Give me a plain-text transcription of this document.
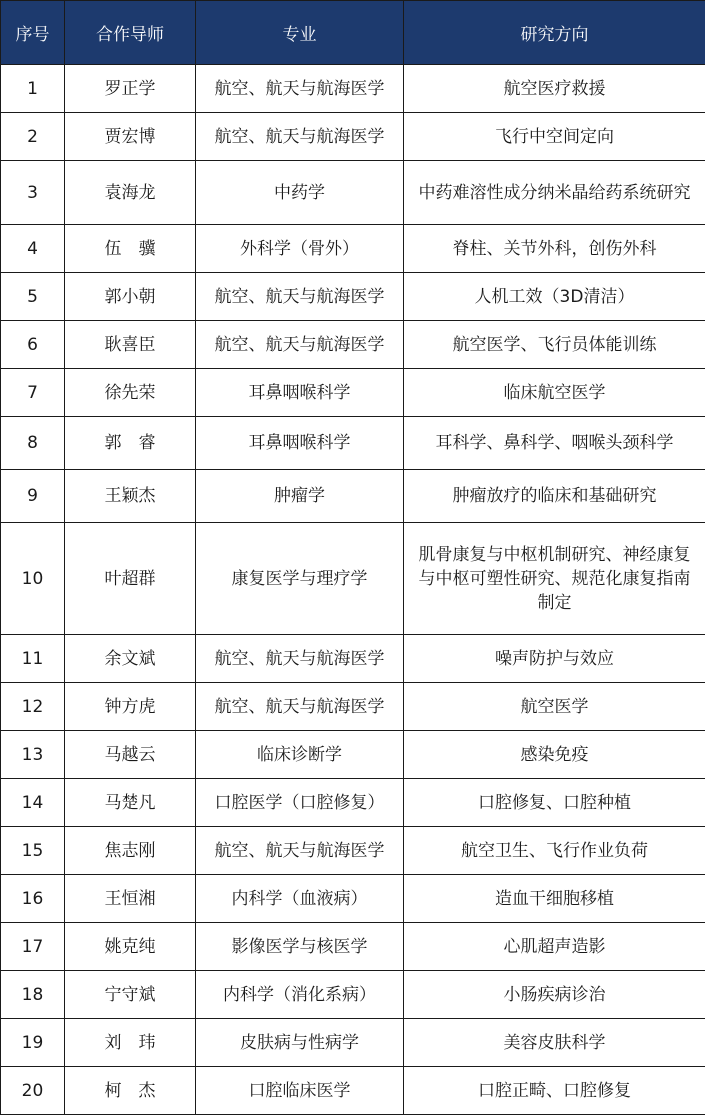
序号	合作导师	专业	研究方向
1	罗正学	航空、航天与航海医学	航空医疗救援
2	贾宏博	航空、航天与航海医学	飞行中空间定向
3	袁海龙	中药学	中药难溶性成分纳米晶给药系统研究
4	伍　骥	外科学（骨外）	脊柱、关节外科，创伤外科
5	郭小朝	航空、航天与航海医学	人机工效（3D清洁）
6	耿喜臣	航空、航天与航海医学	航空医学、飞行员体能训练
7	徐先荣	耳鼻咽喉科学	临床航空医学
8	郭　睿	耳鼻咽喉科学	耳科学、鼻科学、咽喉头颈科学
9	王颖杰	肿瘤学	肿瘤放疗的临床和基础研究
10	叶超群	康复医学与理疗学	肌骨康复与中枢机制研究、神经康复与中枢可塑性研究、规范化康复指南制定
11	余文斌	航空、航天与航海医学	噪声防护与效应
12	钟方虎	航空、航天与航海医学	航空医学
13	马越云	临床诊断学	感染免疫
14	马楚凡	口腔医学（口腔修复）	口腔修复、口腔种植
15	焦志刚	航空、航天与航海医学	航空卫生、飞行作业负荷
16	王恒湘	内科学（血液病）	造血干细胞移植
17	姚克纯	影像医学与核医学	心肌超声造影
18	宁守斌	内科学（消化系病）	小肠疾病诊治
19	刘　玮	皮肤病与性病学	美容皮肤科学
20	柯　杰	口腔临床医学	口腔正畸、口腔修复
